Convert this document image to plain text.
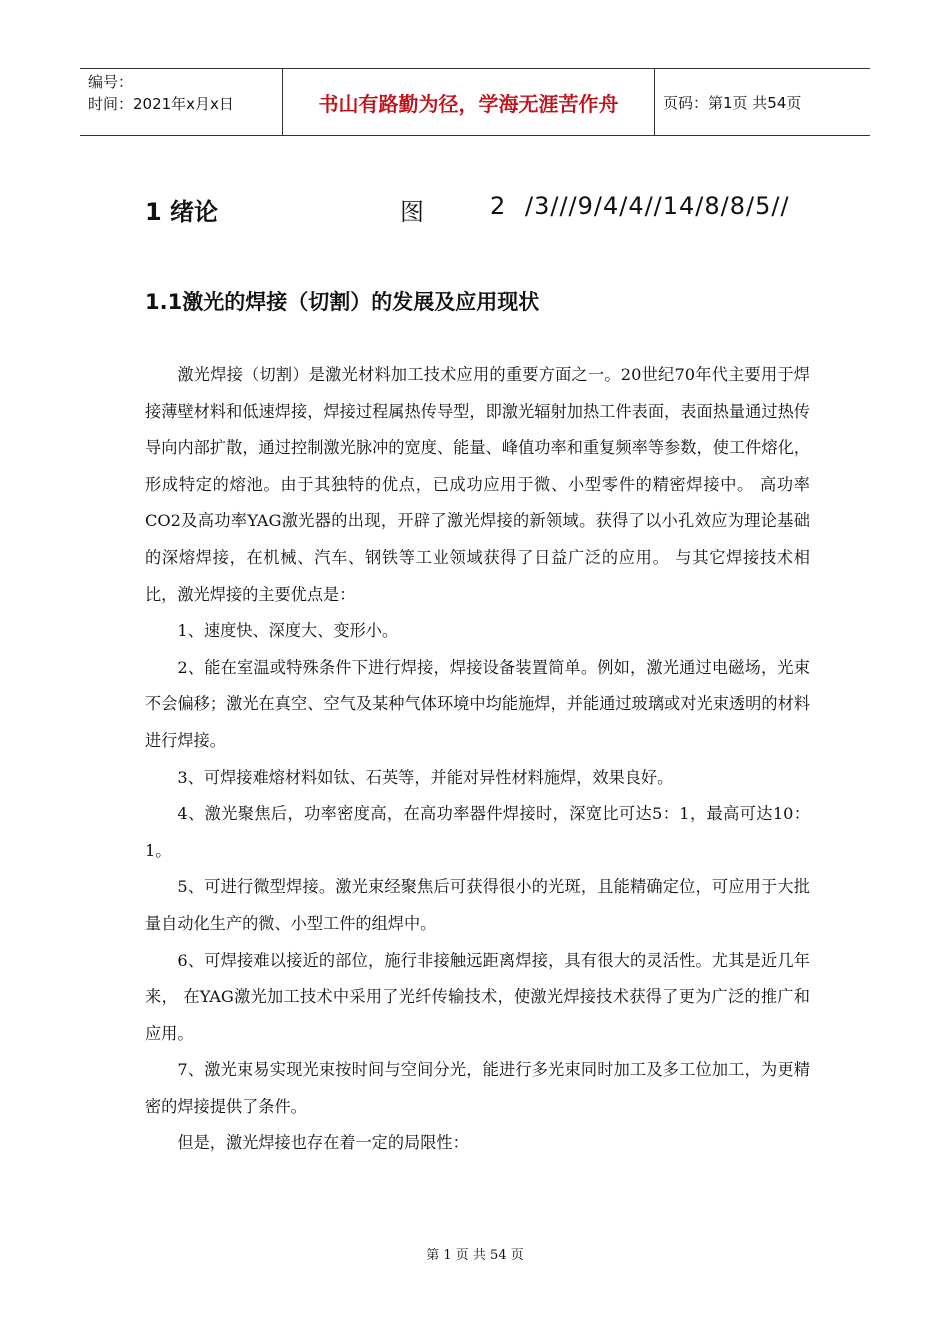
编号：
时间：2021年x月x日	书山有路勤为径，学海无涯苦作舟	页码：第1页 共54页
1 绪论	图	2 /3///9/4/4//14/8/8/5//
1.1激光的焊接（切割）的发展及应用现状

激光焊接（切割）是激光材料加工技术应用的重要方面之一。20世纪70年代主要用于焊接薄壁材料和低速焊接，焊接过程属热传导型，即激光辐射加热工件表面，表面热量通过热传导向内部扩散，通过控制激光脉冲的宽度、能量、峰值功率和重复频率等参数，使工件熔化，形成特定的熔池。由于其独特的优点，已成功应用于微、小型零件的精密焊接中。 高功率CO2及高功率YAG激光器的出现，开辟了激光焊接的新领域。获得了以小孔效应为理论基础的深熔焊接，在机械、汽车、钢铁等工业领域获得了日益广泛的应用。 与其它焊接技术相比，激光焊接的主要优点是：

1、速度快、深度大、变形小。

2、能在室温或特殊条件下进行焊接，焊接设备装置简单。例如，激光通过电磁场，光束不会偏移；激光在真空、空气及某种气体环境中均能施焊，并能通过玻璃或对光束透明的材料进行焊接。

3、可焊接难熔材料如钛、石英等，并能对异性材料施焊，效果良好。

4、激光聚焦后，功率密度高，在高功率器件焊接时，深宽比可达5：1，最高可达10：1。

5、可进行微型焊接。激光束经聚焦后可获得很小的光斑，且能精确定位，可应用于大批量自动化生产的微、小型工件的组焊中。

6、可焊接难以接近的部位，施行非接触远距离焊接，具有很大的灵活性。尤其是近几年来， 在YAG激光加工技术中采用了光纤传输技术，使激光焊接技术获得了更为广泛的推广和应用。

7、激光束易实现光束按时间与空间分光，能进行多光束同时加工及多工位加工，为更精密的焊接提供了条件。

但是，激光焊接也存在着一定的局限性：

第 1 页 共 54 页
